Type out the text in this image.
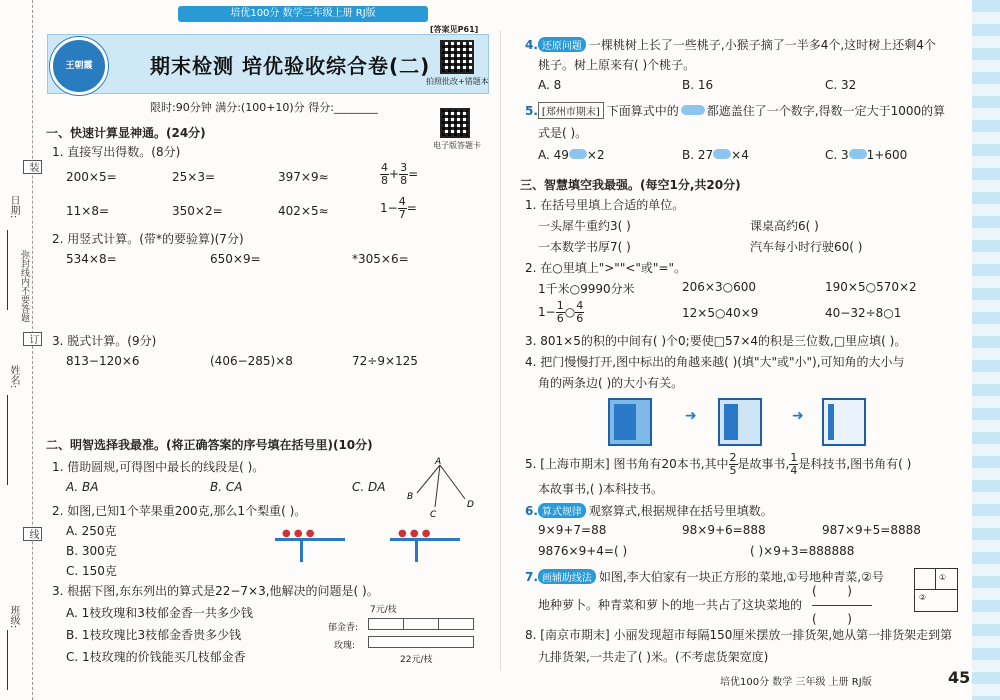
培优100分 数学三年级上册 RJ版
日期:
姓名:
班级:
弥封线内不要答题
装
订
线
王朝霞	期末检测 培优验收综合卷(二)
[答案见P61]
拍照批改+错题本
电子版答题卡
限时:90分钟 满分:(100+10)分 得分:________
一、快速计算显神通。(24分)
1. 直接写出得数。(8分)
200×5=	25×3=	397×9≈	$\frac{4}{8} + \frac{3}{8}$ =
11×8=	350×2=	402×5≈	$1- \frac{4}{7}$ =
2. 用竖式计算。(带*的要验算)(7分)
534×8=	650×9=	*305×6=
3. 脱式计算。(9分)
813−120×6	(406−285)×8	72÷9×125
二、明智选择我最准。(将正确答案的序号填在括号里)(10分)
1. 借助圆规,可得图中最长的线段是( )。
A. BA	B. CA	C. DA
A
B
C
D
2. 如图,已知1个苹果重200克,那么1个梨重( )。
A. 250克
B. 300克
C. 150克
● ● ●	● ● ●
3. 根据下图,东东列出的算式是22−7×3,他解决的问题是( )。
A. 1枝玫瑰和3枝郁金香一共多少钱
B. 1枝玫瑰比3枝郁金香贵多少钱
C. 1枝玫瑰的价钱能买几枝郁金香
7元/枝
郁金香:
玫瑰:
22元/枝
4. 还原问题 一棵桃树上长了一些桃子,小猴子摘了一半多4个,这时树上还剩4个
桃子。树上原来有( )个桃子。
A. 8	B. 16	C. 32
5. [郑州市期末] 下面算式中的 都遮盖住了一个数字,得数一定大于1000的算
式是( )。
A. 49 ×2	B. 27 ×4	C. 3 1+600
三、智慧填空我最强。(每空1分,共20分)
1. 在括号里填上合适的单位。
一头犀牛重约3( )	课桌高约6( )
一本数学书厚7( )	汽车每小时行驶60( )
2. 在○里填上">""<"或"="。
1千米○9990分米	206×3○600	190×5○570×2
$1- \frac{1}{6}$ ○ $\frac{4}{6}$	12×5○40×9	40−32÷8○1
3. 801×5的积的中间有( )个0;要使□57×4的积是三位数,□里应填( )。
4. 把门慢慢打开,图中标出的角越来越( )(填"大"或"小"),可知角的大小与
角的两条边( )的大小有关。
➜	➜
5. [上海市期末] 图书角有20本书,其中 $\frac{2}{5}$ 是故事书, $\frac{1}{4}$ 是科技书,图书角有( )
本故事书,( )本科技书。
6. 算式规律 观察算式,根据规律在括号里填数。
9×9+7=88	98×9+6=888	987×9+5=8888
9876×9+4=( )	( )×9+3=888888
7. 画辅助线法 如图,李大伯家有一块正方形的菜地,①号地种青菜,②号
地种萝卜。种青菜和萝卜的地一共占了这块菜地的
(        )
―――――
(        )
①
②
8. [南京市期末] 小丽发现超市每隔150厘米摆放一排货架,她从第一排货架走到第
九排货架,一共走了( )米。(不考虑货架宽度)
培优100分 数学 三年级 上册 RJ版	45
